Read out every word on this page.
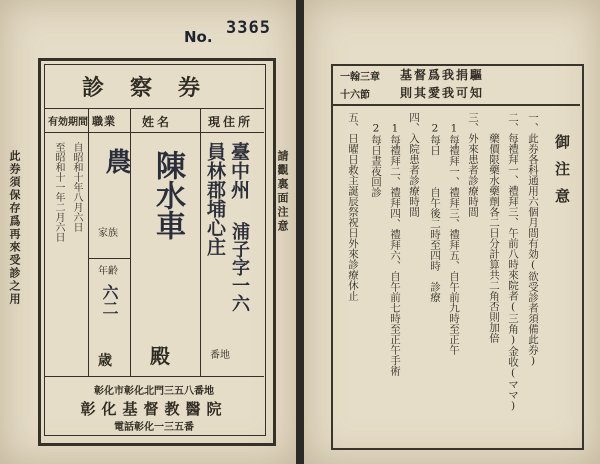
No. 3365
此券須保存爲再來受診之用
診察券
請觀裏面注意
現住所
姓名
職業
有効期間
臺中州
員林郡埔心庄
浦子字一六
番地
陳水車
殿
農
家族
年齢
六二
歳
自昭和十年八月六日
至昭和十一年二月六日
彰化市彰化北門三五八番地
彰化基督教醫院
電話彰化一三五番
基督爲我捐驅
則其愛我可知
一翰三章
十六節
御注意
一、此券各科通用六個月間有効(欲受診者須備此券)
二、每禮拜一、禮拜三、午前八時來院者(三角)金收(ママ)
　　藥價限藥水藥劑各二日分計算共二角否則加倍
三、外來患者診療時間
　1每禮拜一、禮拜三、禮拜五、自午前九時至正午
　2每日　　　自午後二時至四時　診療
四、入院患者診療時間
　1每禮拜二、禮拜四、禮拜六、自午前七時至正午手術
　2每日晝夜回診
五、日曜日救主誕辰祭祝日外來診療休止
